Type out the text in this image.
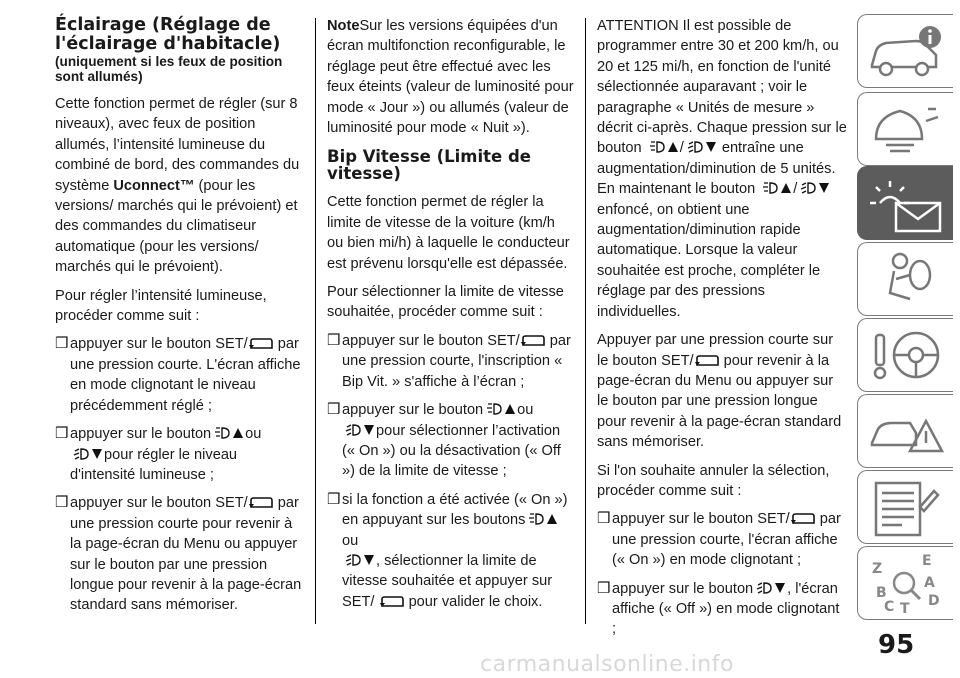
Éclairage (Réglage de l'éclairage d'habitacle)
(uniquement si les feux de position sont allumés)

Cette fonction permet de régler (sur 8 niveaux), avec feux de position allumés, l’intensité lumineuse du combiné de bord, des commandes du système Uconnect™ (pour les versions/ marchés qui le prévoient) et des commandes du climatiseur automatique (pour les versions/ marchés qui le prévoient).

Pour régler l’intensité lumineuse, procéder comme suit :

❒ appuyer sur le bouton SET/ par une pression courte. L'écran affiche en mode clignotant le niveau précédemment réglé ;
❒ appuyer sur le bouton ou

pour régler le niveau d'intensité lumineuse ;
❒ appuyer sur le bouton SET/ par une pression courte pour revenir à la page-écran du Menu ou appuyer sur le bouton par une pression longue pour revenir à la page-écran standard sans mémoriser.

NoteSur les versions équipées d'un écran multifonction reconfigurable, le réglage peut être effectué avec les feux éteints (valeur de luminosité pour mode « Jour ») ou allumés (valeur de luminosité pour mode « Nuit »).

Bip Vitesse (Limite de vitesse)

Cette fonction permet de régler la limite de vitesse de la voiture (km/h ou bien mi/h) à laquelle le conducteur est prévenu lorsqu'elle est dépassée.

Pour sélectionner la limite de vitesse souhaitée, procéder comme suit :

❒ appuyer sur le bouton SET/ par une pression courte, l'inscription « Bip Vit. » s'affiche à l’écran ;
❒ appuyer sur le bouton ou

pour sélectionner l’activation (« On ») ou la désactivation (« Off ») de la limite de vitesse ;
❒ si la fonction a été activée (« On ») en appuyant sur les boutons
ou

, sélectionner la limite de vitesse souhaitée et appuyer sur SET/ pour valider le choix.

ATTENTION Il est possible de programmer entre 30 et 200 km/h, ou 20 et 125 mi/h, en fonction de l'unité sélectionnée auparavant ; voir le paragraphe « Unités de mesure » décrit ci-après. Chaque pression sur le bouton	/	entraîne une augmentation/diminution de 5 unités. En maintenant le bouton	/
enfoncé, on obtient une augmentation/diminution rapide automatique. Lorsque la valeur souhaitée est proche, compléter le réglage par des pressions individuelles.

Appuyer par une pression courte sur le bouton SET/ pour revenir à la page-écran du Menu ou appuyer sur le bouton par une pression longue pour revenir à la page-écran standard sans mémoriser.

Si l'on souhaite annuler la sélection, procéder comme suit :

❒ appuyer sur le bouton SET/ par une pression courte, l'écran affiche (« On ») en mode clignotant ;
❒ appuyer sur le bouton , l'écran affiche (« Off ») en mode clignotant ;
Z	E
A
B
C T D
95
carmanualsonline.info
